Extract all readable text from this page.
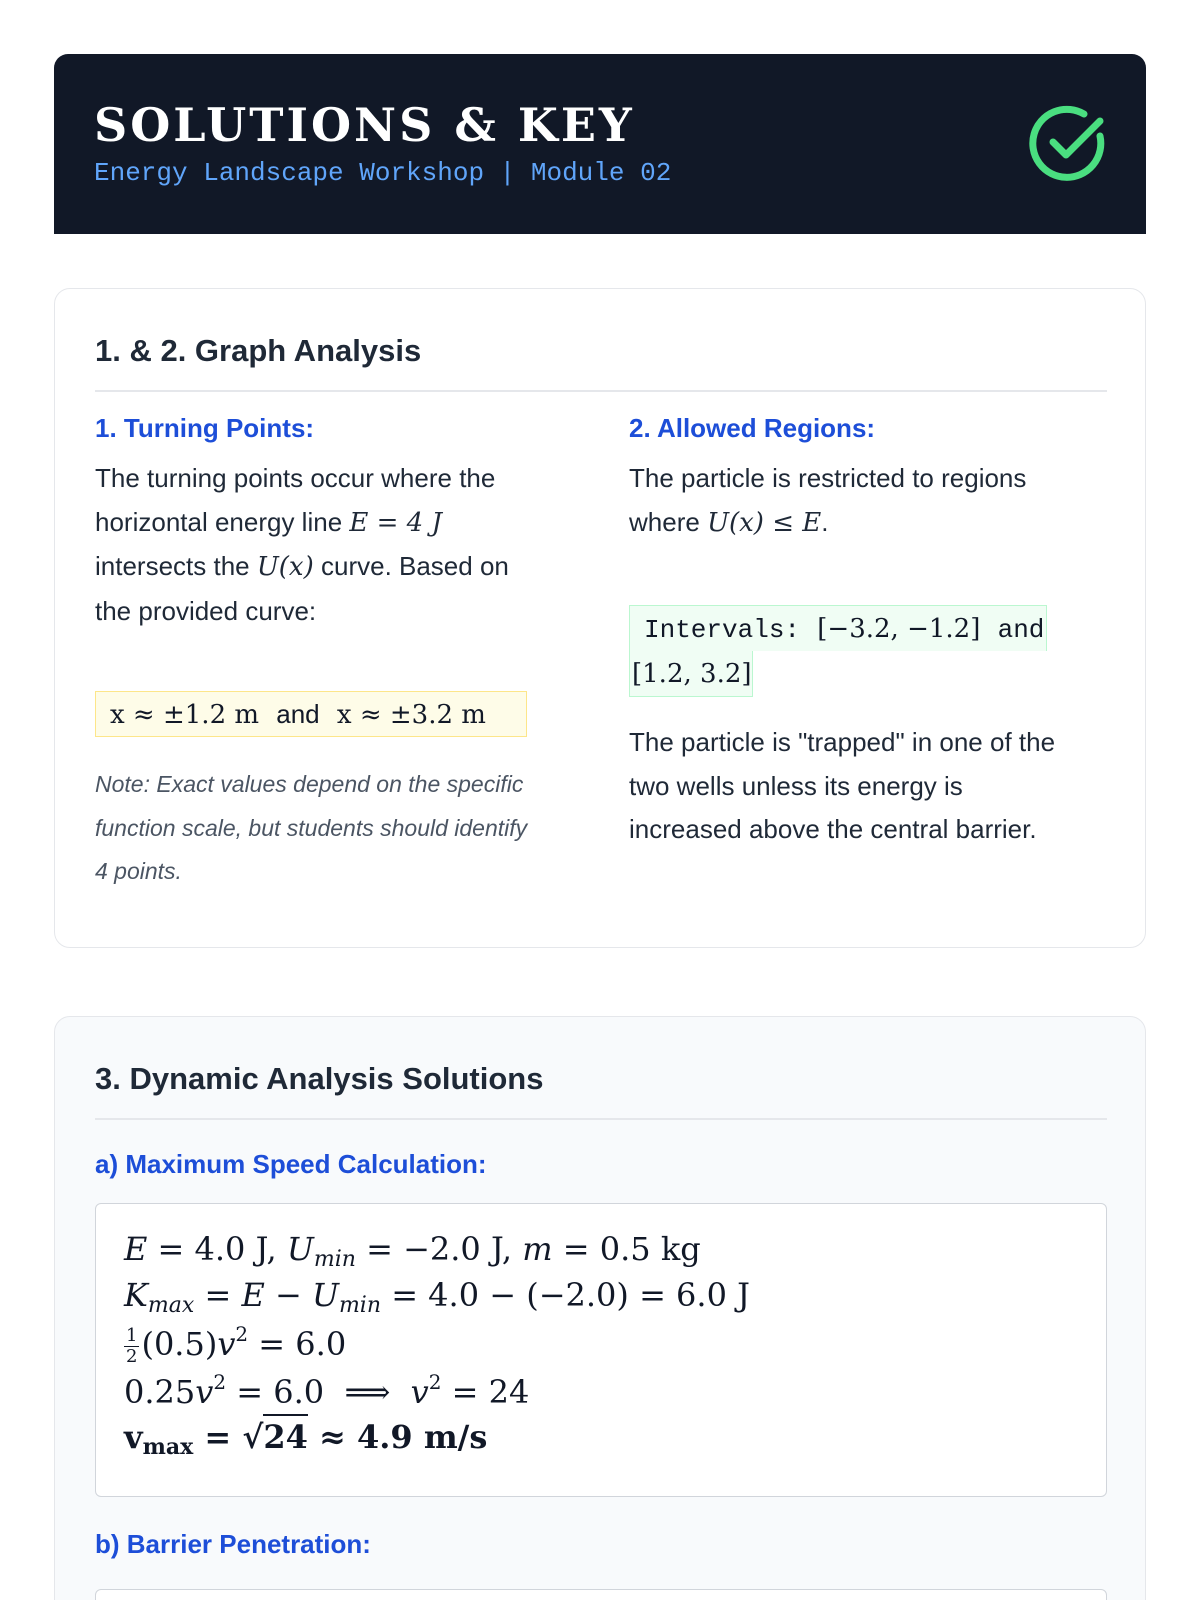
SOLUTIONS & KEY
Energy Landscape Workshop | Module 02
1. & 2. Graph Analysis
1. Turning Points:
The turning points occur where the
horizontal energy line E = 4 J
intersects the U(x) curve. Based on
the provided curve:
x ≈ ±1.2 m and x ≈ ±3.2 m
Note: Exact values depend on the specific
function scale, but students should identify
4 points.
2. Allowed Regions:
The particle is restricted to regions
where U(x) ≤ E.
Intervals: [−3.2, −1.2] and
[1.2, 3.2]
The particle is "trapped" in one of the
two wells unless its energy is
increased above the central barrier.
3. Dynamic Analysis Solutions
a) Maximum Speed Calculation:
E = 4.0 J, $U_{min} = -2.0$ J, m = 0.5 kg
$K_{max} = E - U_{min} = 4.0 - (-2.0) = 6.0$ J
$\frac{1}{2} (0.5)v^2 = 6.0$
$0.25v^2 = 6.0$  ⟹  $v^2 = 24$
$v_{max} = √24 \approx 4.9$ m/s
b) Barrier Penetration:
